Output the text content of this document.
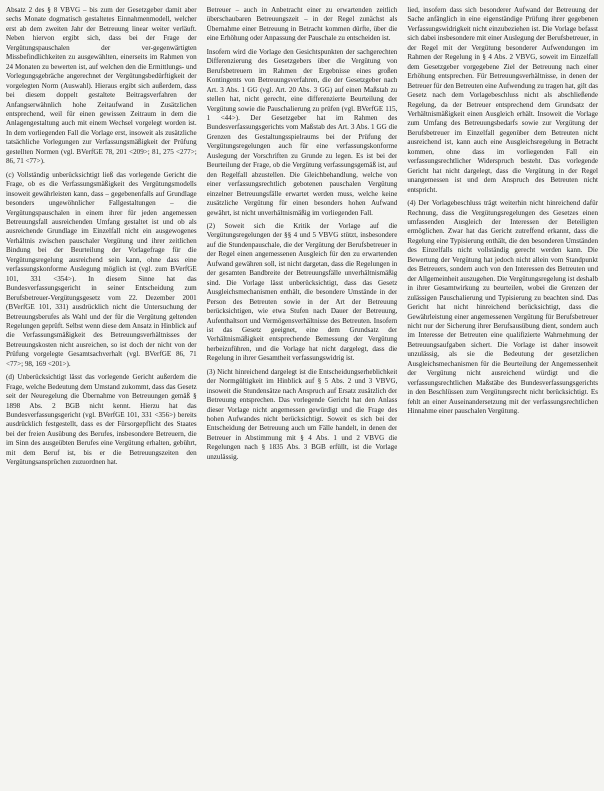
Absatz 2 des § 8 VBVG – bis zum der Gesetzgeber damit aber sechs Monate dogmatisch gestaltetes Einnahmenmodell, welcher erst ab dem zweiten Jahr der Betreuung linear weiter verläuft. Neben hiervon ergibt sich, dass bei der Frage der Vergütungspauschalen der ver-gegenwärtigten Missbefindlichkeiten zu ausgewählten, einerseits im Rahmen von 24 Monaten zu bewerten ist, auf welchen den die Ermittlungs- und Vorlegungsgebräche angerechnet der Vergütungsbedürftigkeit der vorgelegten Norm (Auswahl). Hieraus ergibt sich außerdem, dass bei diesem doppelt gestaltete Beitragsverfahren der Anfangserwähnlich hohe Zeitaufwand in Zusätzlichen entsprechend, weil für einen gewissen Zeitraum in dem die Anlagengestaltung auch mit einem Wechsel vorgelegt worden ist. In dem vorliegenden Fall die Vorlage erst, insoweit als zusätzliche tatsächliche Vorlegungen zur Verfassungsmäßigkeit der Prüfung gestellten Normen (vgl. BVerfGE 78, 201 <209>; 81, 275 <277>; 86, 71 <77>).

(c) Vollständig unberücksichtigt ließ das vorlegende Gericht die Frage, ob es die Verfassungsmäßigkeit des Vergütungsmodells insoweit gewährleisten kann, dass – gegebenenfalls auf Grundlage besonders ungewöhnlicher Fallgestaltungen – die Vergütungspauschalen in einem ihrer für jeden angemessen Betreuungsfall ausreichenden Umfang gestaltet ist und ob als ausreichende Grundlage im Einzelfall nicht ein ausgewogenes Verhältnis zwischen pauschaler Vergütung und ihrer zeitlichen Bindung bei der Beurteilung der Vorlagefrage für die Vergütungsregelung ausreichend sein kann, ohne dass eine verfassungskonforme Auslegung möglich ist (vgl. zum BVerfGE 101, 331 <354>). In diesem Sinne hat das Bundesverfassungsgericht in seiner Entscheidung zum Berufsbetreuer-Vergütungsgesetz vom 22. Dezember 2001 (BVerfGE 101, 331) ausdrücklich nicht die Untersuchung der Betreuungsberufes als Wahl und der für die Vergütung geltenden Regelungen geprüft. Selbst wenn diese dem Ansatz in Hinblick auf die Verfassungsmäßigkeit des Betreuungsverhältnisses der Betreuungskosten nicht ausreichen, so ist doch der nicht von der Prüfung vorgelegte Gesamtsachverhalt (vgl. BVerfGE 86, 71 <77>; 98, 169 <201>).

(d) Unberücksichtigt lässt das vorlegende Gericht außerdem die Frage, welche Bedeutung dem Umstand zukommt, dass das Gesetz seit der Neuregelung die Übernahme von Betreuungen gemäß § 1898 Abs. 2 BGB nicht kennt. Hierzu hat das Bundesverfassungsgericht (vgl. BVerfGE 101, 331 <356>) bereits ausdrücklich festgestellt, dass es der Fürsorgepflicht des Staates bei der freien Ausübung des Berufes, insbesondere Betreuern, die im Sinn des ausgeübten Berufes eine Vergütung erhalten, gebührt, mit dem Beruf ist, bis er die Betreuungszeiten den Vergütungsansprüchen zuzuordnen hat.

Betreuer – auch in Anbetracht einer zu erwartenden zeitlich überschaubaren Betreuungszeit – in der Regel zunächst als Übernahme einer Betreuung in Betracht kommen dürfte, über die eine Erhöhung oder Anpassung der Pauschale zu entscheiden ist.

Insofern wird die Vorlage den Gesichtspunkten der sachgerechten Differenzierung des Gesetzgebers über die Vergütung von Berufsbetreuern im Rahmen der Ergebnisse eines großen Kontingents von Betreuungsverfahren, die der Gesetzgeber nach Art. 3 Abs. 1 GG (vgl. Art. 20 Abs. 3 GG) auf einen Maßstab zu stellen hat, nicht gerecht, eine differenzierte Beurteilung der Vergütung sowie die Pauschalierung zu prüfen (vgl. BVerfGE 115, 1 <44>). Der Gesetzgeber hat im Rahmen des Bundesverfassungsgerichts vom Maßstab des Art. 3 Abs. 1 GG die Grenzen des Gestaltungsspielraums bei der Prüfung der Vergütungsregelungen auch für eine verfassungskonforme Auslegung der Vorschriften zu Grunde zu legen. Es ist bei der Beurteilung der Frage, ob die Vergütung verfassungsgemäß ist, auf den Regelfall abzustellen. Die Gleichbehandlung, welche von einer verfassungsrechtlich gebotenen pauschalen Vergütung einzelner Betreuungsfälle erwartet werden muss, welche keine zusätzliche Vergütung für einen besonders hohen Aufwand gewährt, ist nicht unverhältnismäßig im vorliegenden Fall.

(2) Soweit sich die Kritik der Vorlage auf die Vergütungsregelungen der §§ 4 und 5 VBVG stützt, insbesondere auf die Stundenpauschale, die der Vergütung der Berufsbetreuer in der Regel einen angemessenen Ausgleich für den zu erwartenden Aufwand gewähren soll, ist nicht dargetan, dass die Regelungen in der gesamten Bandbreite der Betreuungsfälle unverhältnismäßig sind. Die Vorlage lässt unberücksichtigt, dass das Gesetz Ausgleichsmechanismen enthält, die besondere Umstände in der Person des Betreuten sowie in der Art der Betreuung berücksichtigen, wie etwa Stufen nach Dauer der Betreuung, Aufenthaltsort und Vermögensverhältnisse des Betreuten. Insofern ist das Gesetz geeignet, eine dem Grundsatz der Verhältnismäßigkeit entsprechende Bemessung der Vergütung herbeizuführen, und die Vorlage hat nicht dargelegt, dass die Regelung in ihrer Gesamtheit verfassungswidrig ist.

(3) Nicht hinreichend dargelegt ist die Entscheidungserheblichkeit der Normgültigkeit im Hinblick auf § 5 Abs. 2 und 3 VBVG, insoweit die Stundensätze nach Anspruch auf Ersatz zusätzlich der Betreuung entsprechen. Das vorlegende Gericht hat den Anlass dieser Vorlage nicht angemessen gewürdigt und die Frage des hohen Aufwandes nicht berücksichtigt. Soweit es sich bei der Entscheidung der Betreuung auch um Fälle handelt, in denen der Betreuer in Abstimmung mit § 4 Abs. 1 und 2 VBVG die Regelungen nach § 1835 Abs. 3 BGB erfüllt, ist die Vorlage unzulässig.

lied, insofern dass sich besonderer Aufwand der Betreuung der Sache anfänglich in eine eigenständige Prüfung ihrer gegebenen Verfassungswidrigkeit nicht einzubeziehen ist. Die Vorlage befasst sich dabei insbesondere mit einer Auslegung der Berufsbetreuer, in der Regel mit der Vergütung besonderer Aufwendungen im Rahmen der Regelung in § 4 Abs. 2 VBVG, soweit im Einzelfall dem Gesetzgeber vorgegebene Ziel der Betreuung nach einer Erhöhung entsprechen. Für Betreuungsverhältnisse, in denen der Betreuer für den Betreuten eine Aufwendung zu tragen hat, gilt das Gesetz nach dem Vorlagebeschluss nicht als abschließende Regelung, da der Betreuer entsprechend dem Grundsatz der Verhältnismäßigkeit einen Ausgleich erhält. Insoweit die Vorlage zum Umfang des Betreuungsbedarfs sowie zur Vergütung der Berufsbetreuer im Einzelfall gegenüber dem Betreuten nicht ausreichend ist, kann auch eine Ausgleichsregelung in Betracht kommen, ohne dass im vorliegenden Fall ein verfassungsrechtlicher Widerspruch besteht. Das vorlegende Gericht hat nicht dargelegt, dass die Vergütung in der Regel unangemessen ist und dem Anspruch des Betreuten nicht entspricht.

(4) Der Vorlagebeschluss trägt weiterhin nicht hinreichend dafür Rechnung, dass die Vergütungsregelungen des Gesetzes einen umfassenden Ausgleich der Interessen der Beteiligten ermöglichen. Zwar hat das Gericht zutreffend erkannt, dass die Regelung eine Typisierung enthält, die den besonderen Umständen des Einzelfalls nicht vollständig gerecht werden kann. Die Bewertung der Vergütung hat jedoch nicht allein vom Standpunkt des Betreuers, sondern auch von den Interessen des Betreuten und der Allgemeinheit auszugehen. Die Vergütungsregelung ist deshalb in ihrer Gesamtwirkung zu beurteilen, wobei die Grenzen der zulässigen Pauschalierung und Typisierung zu beachten sind. Das Gericht hat nicht hinreichend berücksichtigt, dass die Gewährleistung einer angemessenen Vergütung für Berufsbetreuer nicht nur der Sicherung ihrer Berufsausübung dient, sondern auch im Interesse der Betreuten eine qualifizierte Wahrnehmung der Betreuungsaufgaben sichert. Die Vorlage ist daher insoweit unzulässig, als sie die Bedeutung der gesetzlichen Ausgleichsmechanismen für die Beurteilung der Angemessenheit der Vergütung nicht ausreichend würdigt und die verfassungsrechtlichen Maßstäbe des Bundesverfassungsgerichts in den Beschlüssen zum Vergütungsrecht nicht berücksichtigt. Es fehlt an einer Auseinandersetzung mit der verfassungsrechtlichen Hinnahme einer pauschalen Vergütung.
